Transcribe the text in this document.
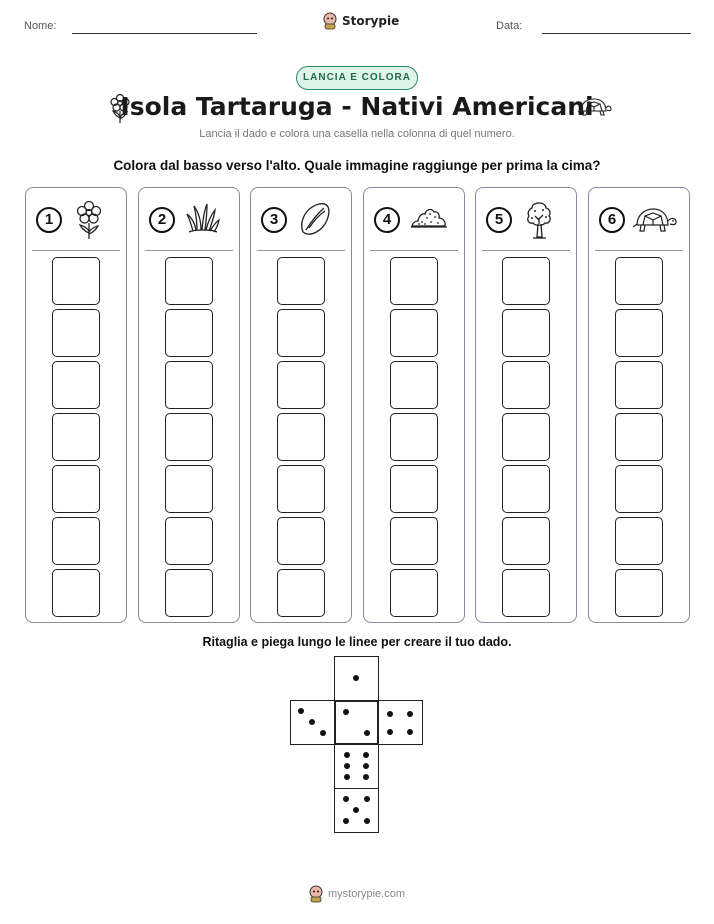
Nome:	Data:
Storypie
LANCIA E COLORA
Isola Tartaruga - Nativi Americani
Lancia il dado e colora una casella nella colonna di quel numero.
Colora dal basso verso l'alto. Quale immagine raggiunge per prima la cima?
1	2	3	4	5	6
Ritaglia e piega lungo le linee per creare il tuo dado.
mystorypie.com
